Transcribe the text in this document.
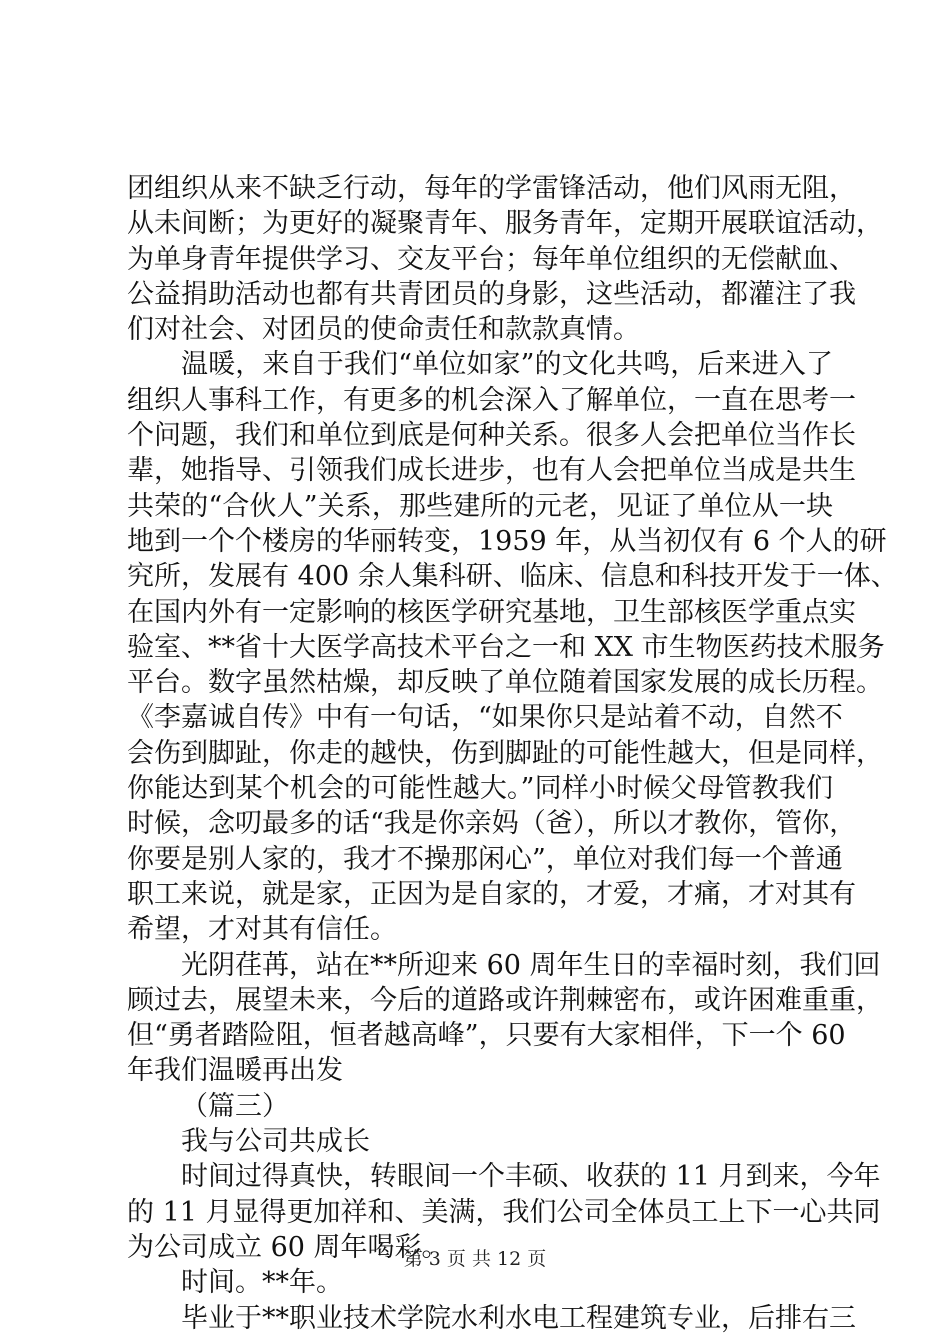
团组织从来不缺乏行动，每年的学雷锋活动，他们风雨无阻，
从未间断；为更好的凝聚青年、服务青年，定期开展联谊活动，
为单身青年提供学习、交友平台；每年单位组织的无偿献血、
公益捐助活动也都有共青团员的身影，这些活动，都灌注了我
们对社会、对团员的使命责任和款款真情。
温暖，来自于我们“单位如家”的文化共鸣，后来进入了
组织人事科工作，有更多的机会深入了解单位，一直在思考一
个问题，我们和单位到底是何种关系。很多人会把单位当作长
辈，她指导、引领我们成长进步，也有人会把单位当成是共生
共荣的“合伙人”关系，那些建所的元老，见证了单位从一块
地到一个个楼房的华丽转变，1959 年，从当初仅有 6 个人的研
究所，发展有 400 余人集科研、临床、信息和科技开发于一体、
在国内外有一定影响的核医学研究基地，卫生部核医学重点实
验室、**省十大医学高技术平台之一和 XX 市生物医药技术服务
平台。数字虽然枯燥，却反映了单位随着国家发展的成长历程。
《李嘉诚自传》中有一句话，“如果你只是站着不动，自然不
会伤到脚趾，你走的越快，伤到脚趾的可能性越大，但是同样，
你能达到某个机会的可能性越大。”同样小时候父母管教我们
时候，念叨最多的话“我是你亲妈（爸），所以才教你，管你，
你要是别人家的，我才不操那闲心”，单位对我们每一个普通
职工来说，就是家，正因为是自家的，才爱，才痛，才对其有
希望，才对其有信任。
光阴荏苒，站在**所迎来 60 周年生日的幸福时刻，我们回
顾过去，展望未来，今后的道路或许荆棘密布，或许困难重重，
但“勇者踏险阻，恒者越高峰”，只要有大家相伴，下一个 60
年我们温暖再出发
（篇三）
我与公司共成长
时间过得真快，转眼间一个丰硕、收获的 11 月到来，今年
的 11 月显得更加祥和、美满，我们公司全体员工上下一心共同
为公司成立 60 周年喝彩。
时间。**年。
毕业于**职业技术学院水利水电工程建筑专业，后排右三
第 3 页 共 12 页
